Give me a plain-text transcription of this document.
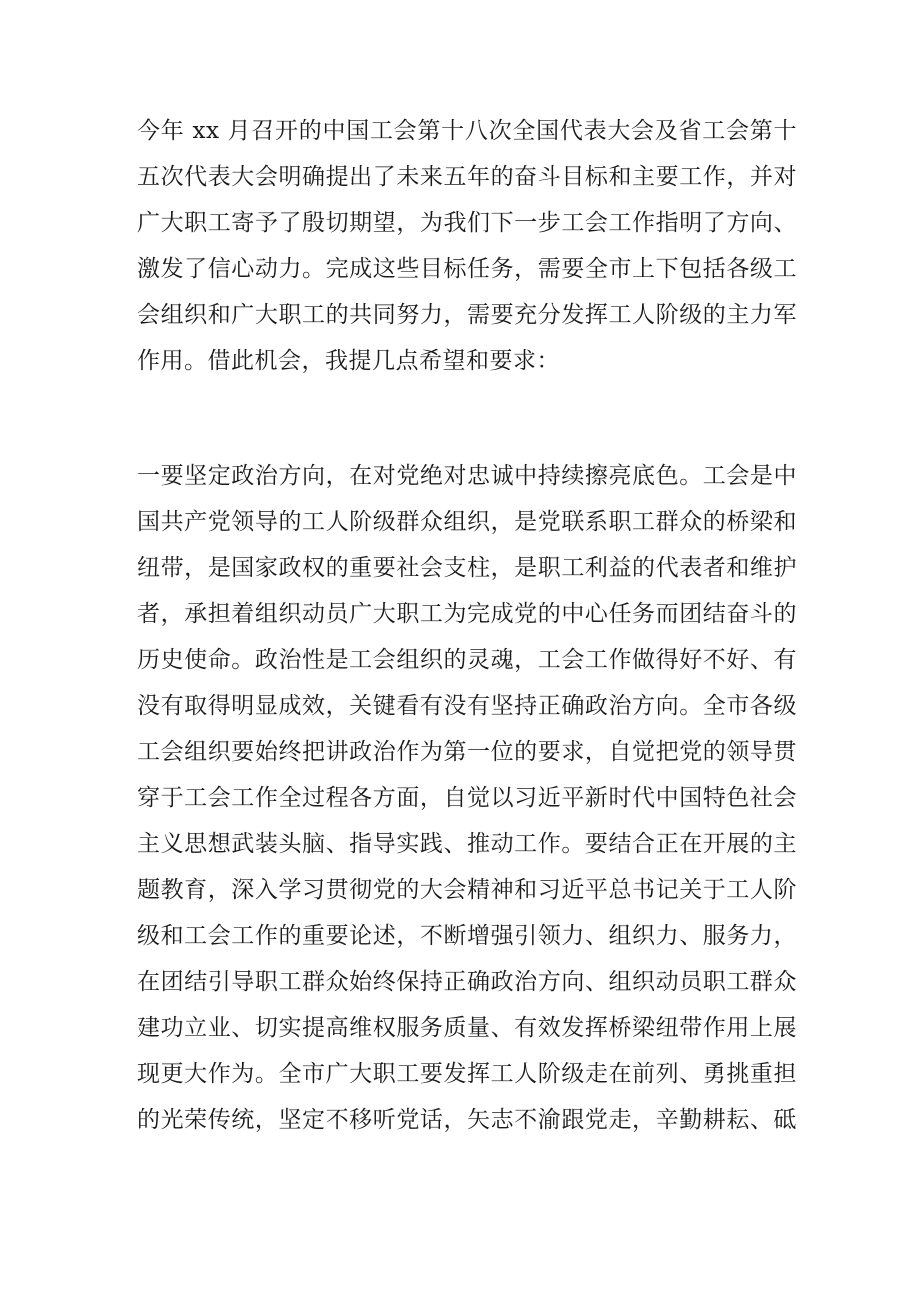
今年 xx 月召开的中国工会第十八次全国代表大会及省工会第十
五次代表大会明确提出了未来五年的奋斗目标和主要工作，并对
广大职工寄予了殷切期望，为我们下一步工会工作指明了方向、
激发了信心动力。完成这些目标任务，需要全市上下包括各级工
会组织和广大职工的共同努力，需要充分发挥工人阶级的主力军
作用。借此机会，我提几点希望和要求：
一要坚定政治方向，在对党绝对忠诚中持续擦亮底色。工会是中
国共产党领导的工人阶级群众组织，是党联系职工群众的桥梁和
纽带，是国家政权的重要社会支柱，是职工利益的代表者和维护
者，承担着组织动员广大职工为完成党的中心任务而团结奋斗的
历史使命。政治性是工会组织的灵魂，工会工作做得好不好、有
没有取得明显成效，关键看有没有坚持正确政治方向。全市各级
工会组织要始终把讲政治作为第一位的要求，自觉把党的领导贯
穿于工会工作全过程各方面，自觉以习近平新时代中国特色社会
主义思想武装头脑、指导实践、推动工作。要结合正在开展的主
题教育，深入学习贯彻党的大会精神和习近平总书记关于工人阶
级和工会工作的重要论述，不断增强引领力、组织力、服务力，
在团结引导职工群众始终保持正确政治方向、组织动员职工群众
建功立业、切实提高维权服务质量、有效发挥桥梁纽带作用上展
现更大作为。全市广大职工要发挥工人阶级走在前列、勇挑重担
的光荣传统，坚定不移听党话，矢志不渝跟党走，辛勤耕耘、砥
